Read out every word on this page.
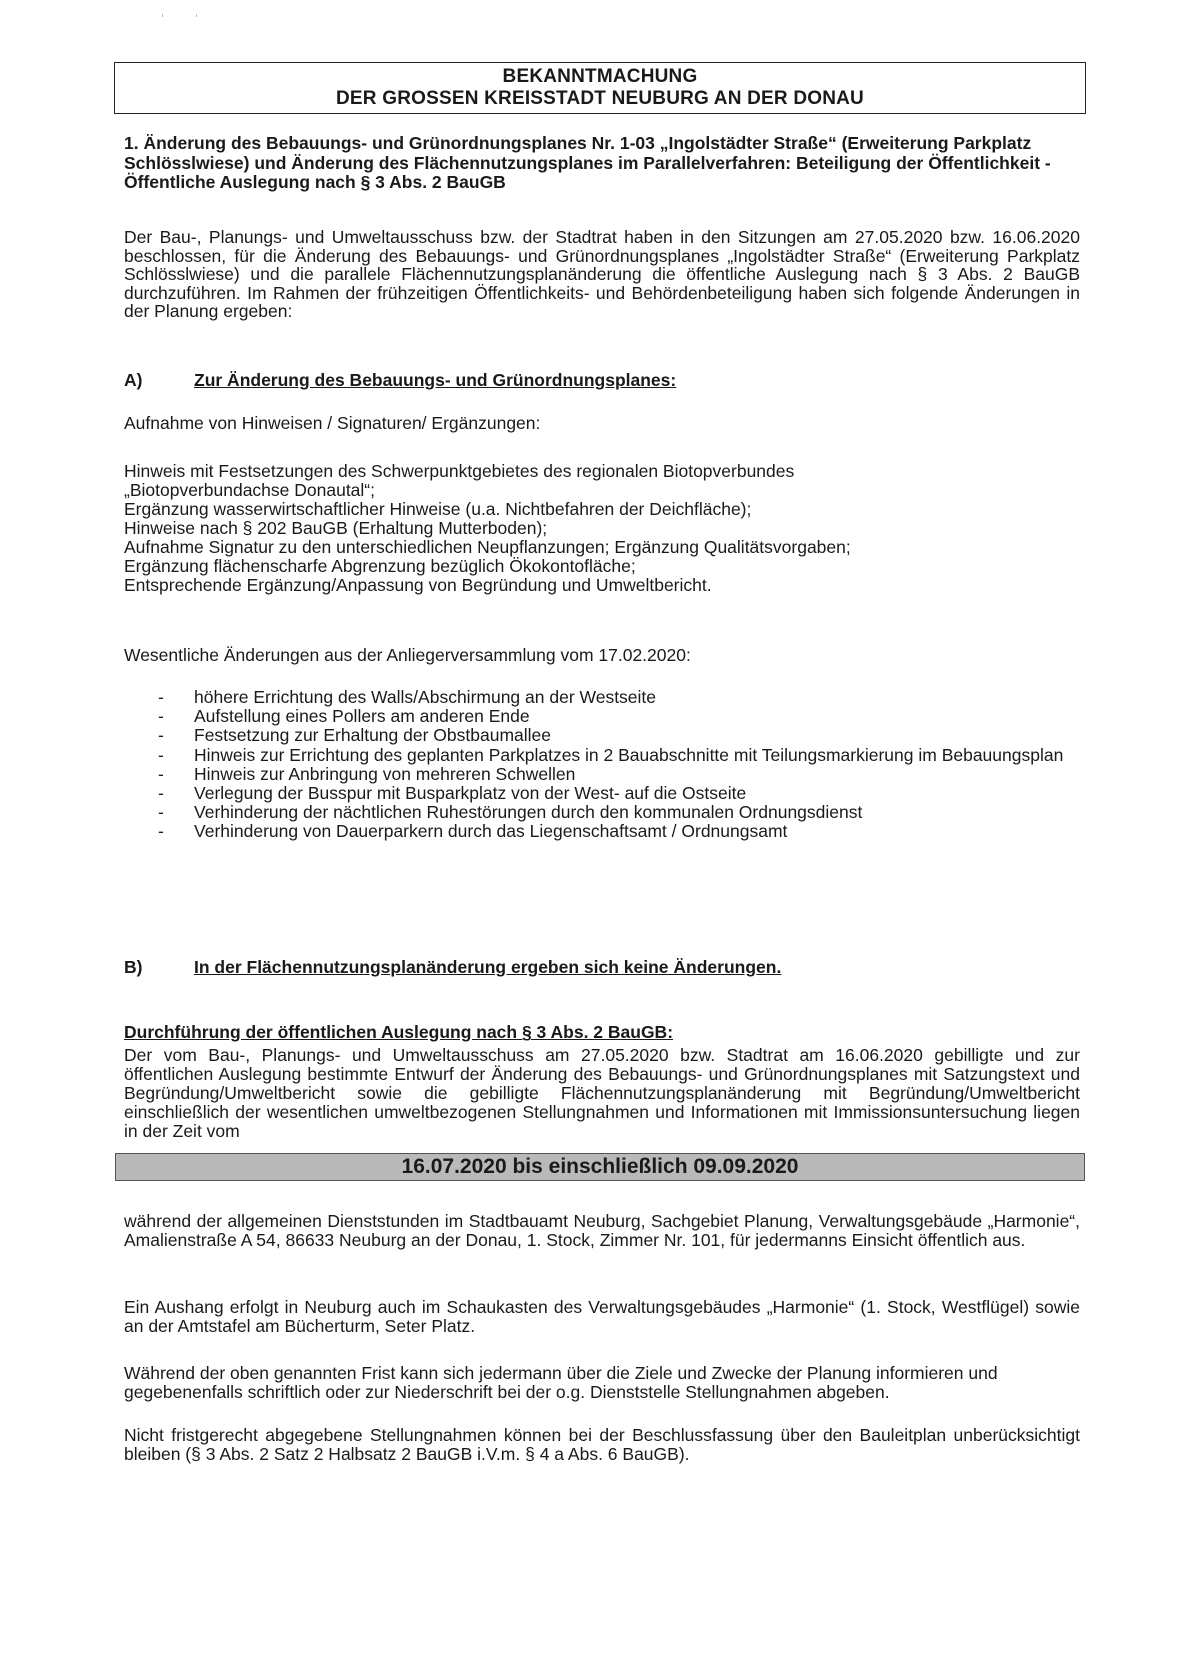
BEKANNTMACHUNG
DER GROSSEN KREISSTADT NEUBURG AN DER DONAU
1. Änderung des Bebauungs- und Grünordnungsplanes Nr. 1-03 „Ingolstädter Straße“ (Erweiterung Parkplatz Schlösslwiese) und Änderung des Flächennutzungsplanes im Parallelverfahren: Beteiligung der Öffentlichkeit - Öffentliche Auslegung nach § 3 Abs. 2 BauGB
Der Bau-, Planungs- und Umweltausschuss bzw. der Stadtrat haben in den Sitzungen am 27.05.2020 bzw. 16.06.2020 beschlossen, für die Änderung des Bebauungs- und Grünordnungsplanes „Ingolstädter Straße“ (Erweiterung Parkplatz Schlösslwiese) und die parallele Flächennutzungsplanänderung die öffentliche Auslegung nach § 3 Abs. 2 BauGB durchzuführen. Im Rahmen der frühzeitigen Öffentlichkeits- und Behördenbeteiligung haben sich folgende Änderungen in der Planung ergeben:
A)	Zur Änderung des Bebauungs- und Grünordnungsplanes:
Aufnahme von Hinweisen / Signaturen/ Ergänzungen:
Hinweis mit Festsetzungen des Schwerpunktgebietes des regionalen Biotopverbundes
„Biotopverbundachse Donautal“;
Ergänzung wasserwirtschaftlicher Hinweise (u.a. Nichtbefahren der Deichfläche);
Hinweise nach § 202 BauGB (Erhaltung Mutterboden);
Aufnahme Signatur zu den unterschiedlichen Neupflanzungen; Ergänzung Qualitätsvorgaben;
Ergänzung flächenscharfe Abgrenzung bezüglich Ökokontofläche;
Entsprechende Ergänzung/Anpassung von Begründung und Umweltbericht.
Wesentliche Änderungen aus der Anliegerversammlung vom 17.02.2020:
- höhere Errichtung des Walls/Abschirmung an der Westseite
- Aufstellung eines Pollers am anderen Ende
- Festsetzung zur Erhaltung der Obstbaumallee
- Hinweis zur Errichtung des geplanten Parkplatzes in 2 Bauabschnitte mit Teilungsmarkierung im Bebauungsplan
- Hinweis zur Anbringung von mehreren Schwellen
- Verlegung der Busspur mit Busparkplatz von der West- auf die Ostseite
- Verhinderung der nächtlichen Ruhestörungen durch den kommunalen Ordnungsdienst
- Verhinderung von Dauerparkern durch das Liegenschaftsamt / Ordnungsamt
B)	In der Flächennutzungsplanänderung ergeben sich keine Änderungen.
Durchführung der öffentlichen Auslegung nach § 3 Abs. 2 BauGB:
Der vom Bau-, Planungs- und Umweltausschuss am 27.05.2020 bzw. Stadtrat am 16.06.2020 gebilligte und zur öffentlichen Auslegung bestimmte Entwurf der Änderung des Bebauungs- und Grünordnungsplanes mit Satzungstext und Begründung/Umweltbericht sowie die gebilligte Flächennutzungsplanänderung mit Begründung/Umweltbericht einschließlich der wesentlichen umweltbezogenen Stellungnahmen und Informationen mit Immissionsuntersuchung liegen in der Zeit vom
16.07.2020 bis einschließlich 09.09.2020
während der allgemeinen Dienststunden im Stadtbauamt Neuburg, Sachgebiet Planung, Verwaltungsgebäude „Harmonie“, Amalienstraße A 54, 86633 Neuburg an der Donau, 1. Stock, Zimmer Nr. 101, für jedermanns Einsicht öffentlich aus.
Ein Aushang erfolgt in Neuburg auch im Schaukasten des Verwaltungsgebäudes „Harmonie“ (1. Stock, Westflügel) sowie an der Amtstafel am Bücherturm, Seter Platz.
Während der oben genannten Frist kann sich jedermann über die Ziele und Zwecke der Planung informieren und gegebenenfalls schriftlich oder zur Niederschrift bei der o.g. Dienststelle Stellungnahmen abgeben.
Nicht fristgerecht abgegebene Stellungnahmen können bei der Beschlussfassung über den Bauleitplan unberücksichtigt bleiben (§ 3 Abs. 2 Satz 2 Halbsatz 2 BauGB i.V.m. § 4 a Abs. 6 BauGB).
